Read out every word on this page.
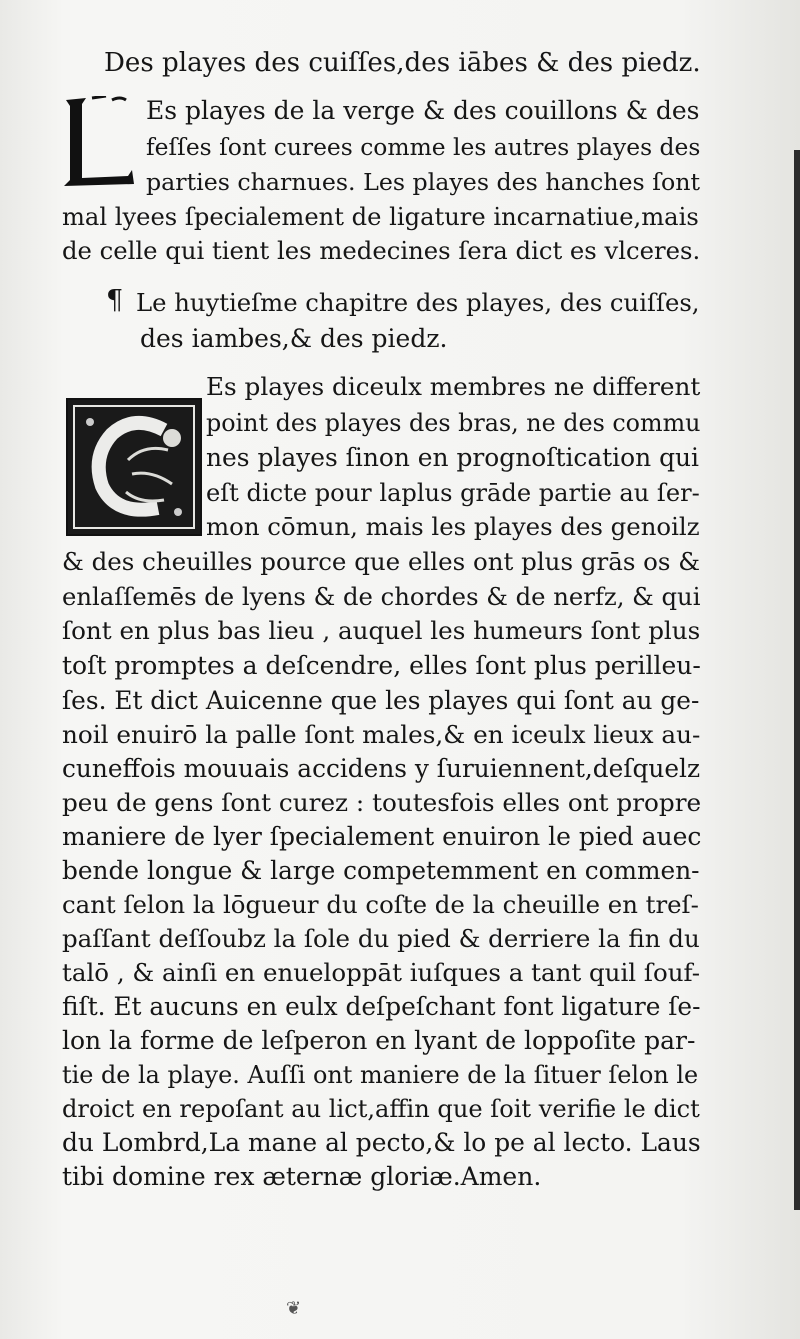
Des playes des cuiſſes,des iābes & des piedz.
L	Es playes de la verge & des couillons & des
feſſes ſont curees comme les autres playes des
parties charnues. Les playes des hanches ſont
mal lyees ſpecialement de ligature incarnatiue,mais
de celle qui tient les medecines ſera dict es vlceres.
¶ Le huytieſme chapitre des playes, des cuiſſes,
des iambes,& des piedz.
Es playes diceulx membres ne different
point des playes des bras, ne des commu
nes playes ſinon en prognoſtication qui
eſt dicte pour laplus grāde partie au ſer-
mon cōmun, mais les playes des genoilz
& des cheuilles pource que elles ont plus grās os &
enlaſſemēs de lyens & de chordes & de nerfz, & qui
ſont en plus bas lieu , auquel les humeurs ſont plus
toſt promptes a deſcendre, elles ſont plus perilleu-
ſes. Et dict Auicenne que les playes qui ſont au ge-
noil enuirō la palle ſont males,& en iceulx lieux au-
cuneffois mouuais accidens y ſuruiennent,deſquelz
peu de gens ſont curez : toutesfois elles ont propre
maniere de lyer ſpecialement enuiron le pied auec
bende longue & large competemment en commen-
cant ſelon la lōgueur du coſte de la cheuille en treſ-
paſſant deſſoubz la ſole du pied & derriere la fin du
talō , & ainſi en enueloppāt iuſques a tant quil ſouf-
fiſt. Et aucuns en eulx deſpeſchant font ligature ſe-
lon la forme de leſperon en lyant de loppoſite par-
tie de la playe. Auſſi ont maniere de la ſituer ſelon le
droict en repoſant au lict,affin que ſoit verifie le dict
du Lombrd,La mane al pecto,& lo pe al lecto. Laus
tibi domine rex æternæ gloriæ.Amen.
❦
